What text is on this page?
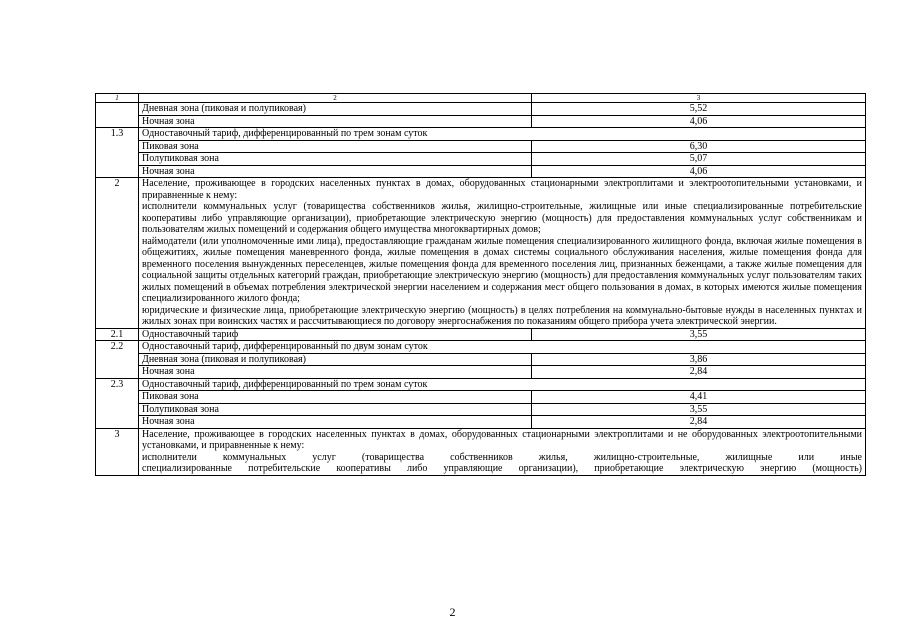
1	2	3
	Дневная зона (пиковая и полупиковая)	5,52
	Ночная зона	4,06
1.3	Одноставочный тариф, дифференцированный по трем зонам суток	
	Пиковая зона	6,30
	Полупиковая зона	5,07
	Ночная зона	4,06
2	Население, проживающее в городских населенных пунктах в домах, оборудованных стационарными электроплитами и электроотопительными установками, и приравненные к нему:
исполнители коммунальных услуг (товарищества собственников жилья, жилищно-строительные, жилищные или иные специализированные потребительские кооперативы либо управляющие организации), приобретающие электрическую энергию (мощность) для предоставления коммунальных услуг собственникам и пользователям жилых помещений и содержания общего имущества многоквартирных домов;
наймодатели (или уполномоченные ими лица), предоставляющие гражданам жилые помещения специализированного жилищного фонда, включая жилые помещения в общежитиях, жилые помещения маневренного фонда, жилые помещения в домах системы социального обслуживания населения, жилые помещения фонда для временного поселения вынужденных переселенцев, жилые помещения фонда для временного поселения лиц, признанных беженцами, а также жилые помещения для социальной защиты отдельных категорий граждан, приобретающие электрическую энергию (мощность) для предоставления коммунальных услуг пользователям таких жилых помещений в объемах потребления электрической энергии населением и содержания мест общего пользования в домах, в которых имеются жилые помещения специализированного жилого фонда;
юридические и физические лица, приобретающие электрическую энергию (мощность) в целях потребления на коммунально-бытовые нужды в населенных пунктах и жилых зонах при воинских частях и рассчитывающиеся по договору энергоснабжения по показаниям общего прибора учета электрической энергии.	

2.1	Одноставочный тариф	3,55
2.2	Одноставочный тариф, дифференцированный по двум зонам суток	
	Дневная зона (пиковая и полупиковая)	3,86
	Ночная зона	2,84
2.3	Одноставочный тариф, дифференцированный по трем зонам суток	
	Пиковая зона	4,41
	Полупиковая зона	3,55
	Ночная зона	2,84
3	Население, проживающее в городских населенных пунктах в домах, оборудованных стационарными электроплитами и не оборудованных электроотопительными установками, и приравненные к нему:
исполнители коммунальных услуг (товарищества собственников жилья, жилищно-строительные, жилищные или иные
специализированные потребительские кооперативы либо управляющие организации), приобретающие электрическую энергию (мощность)	
2
